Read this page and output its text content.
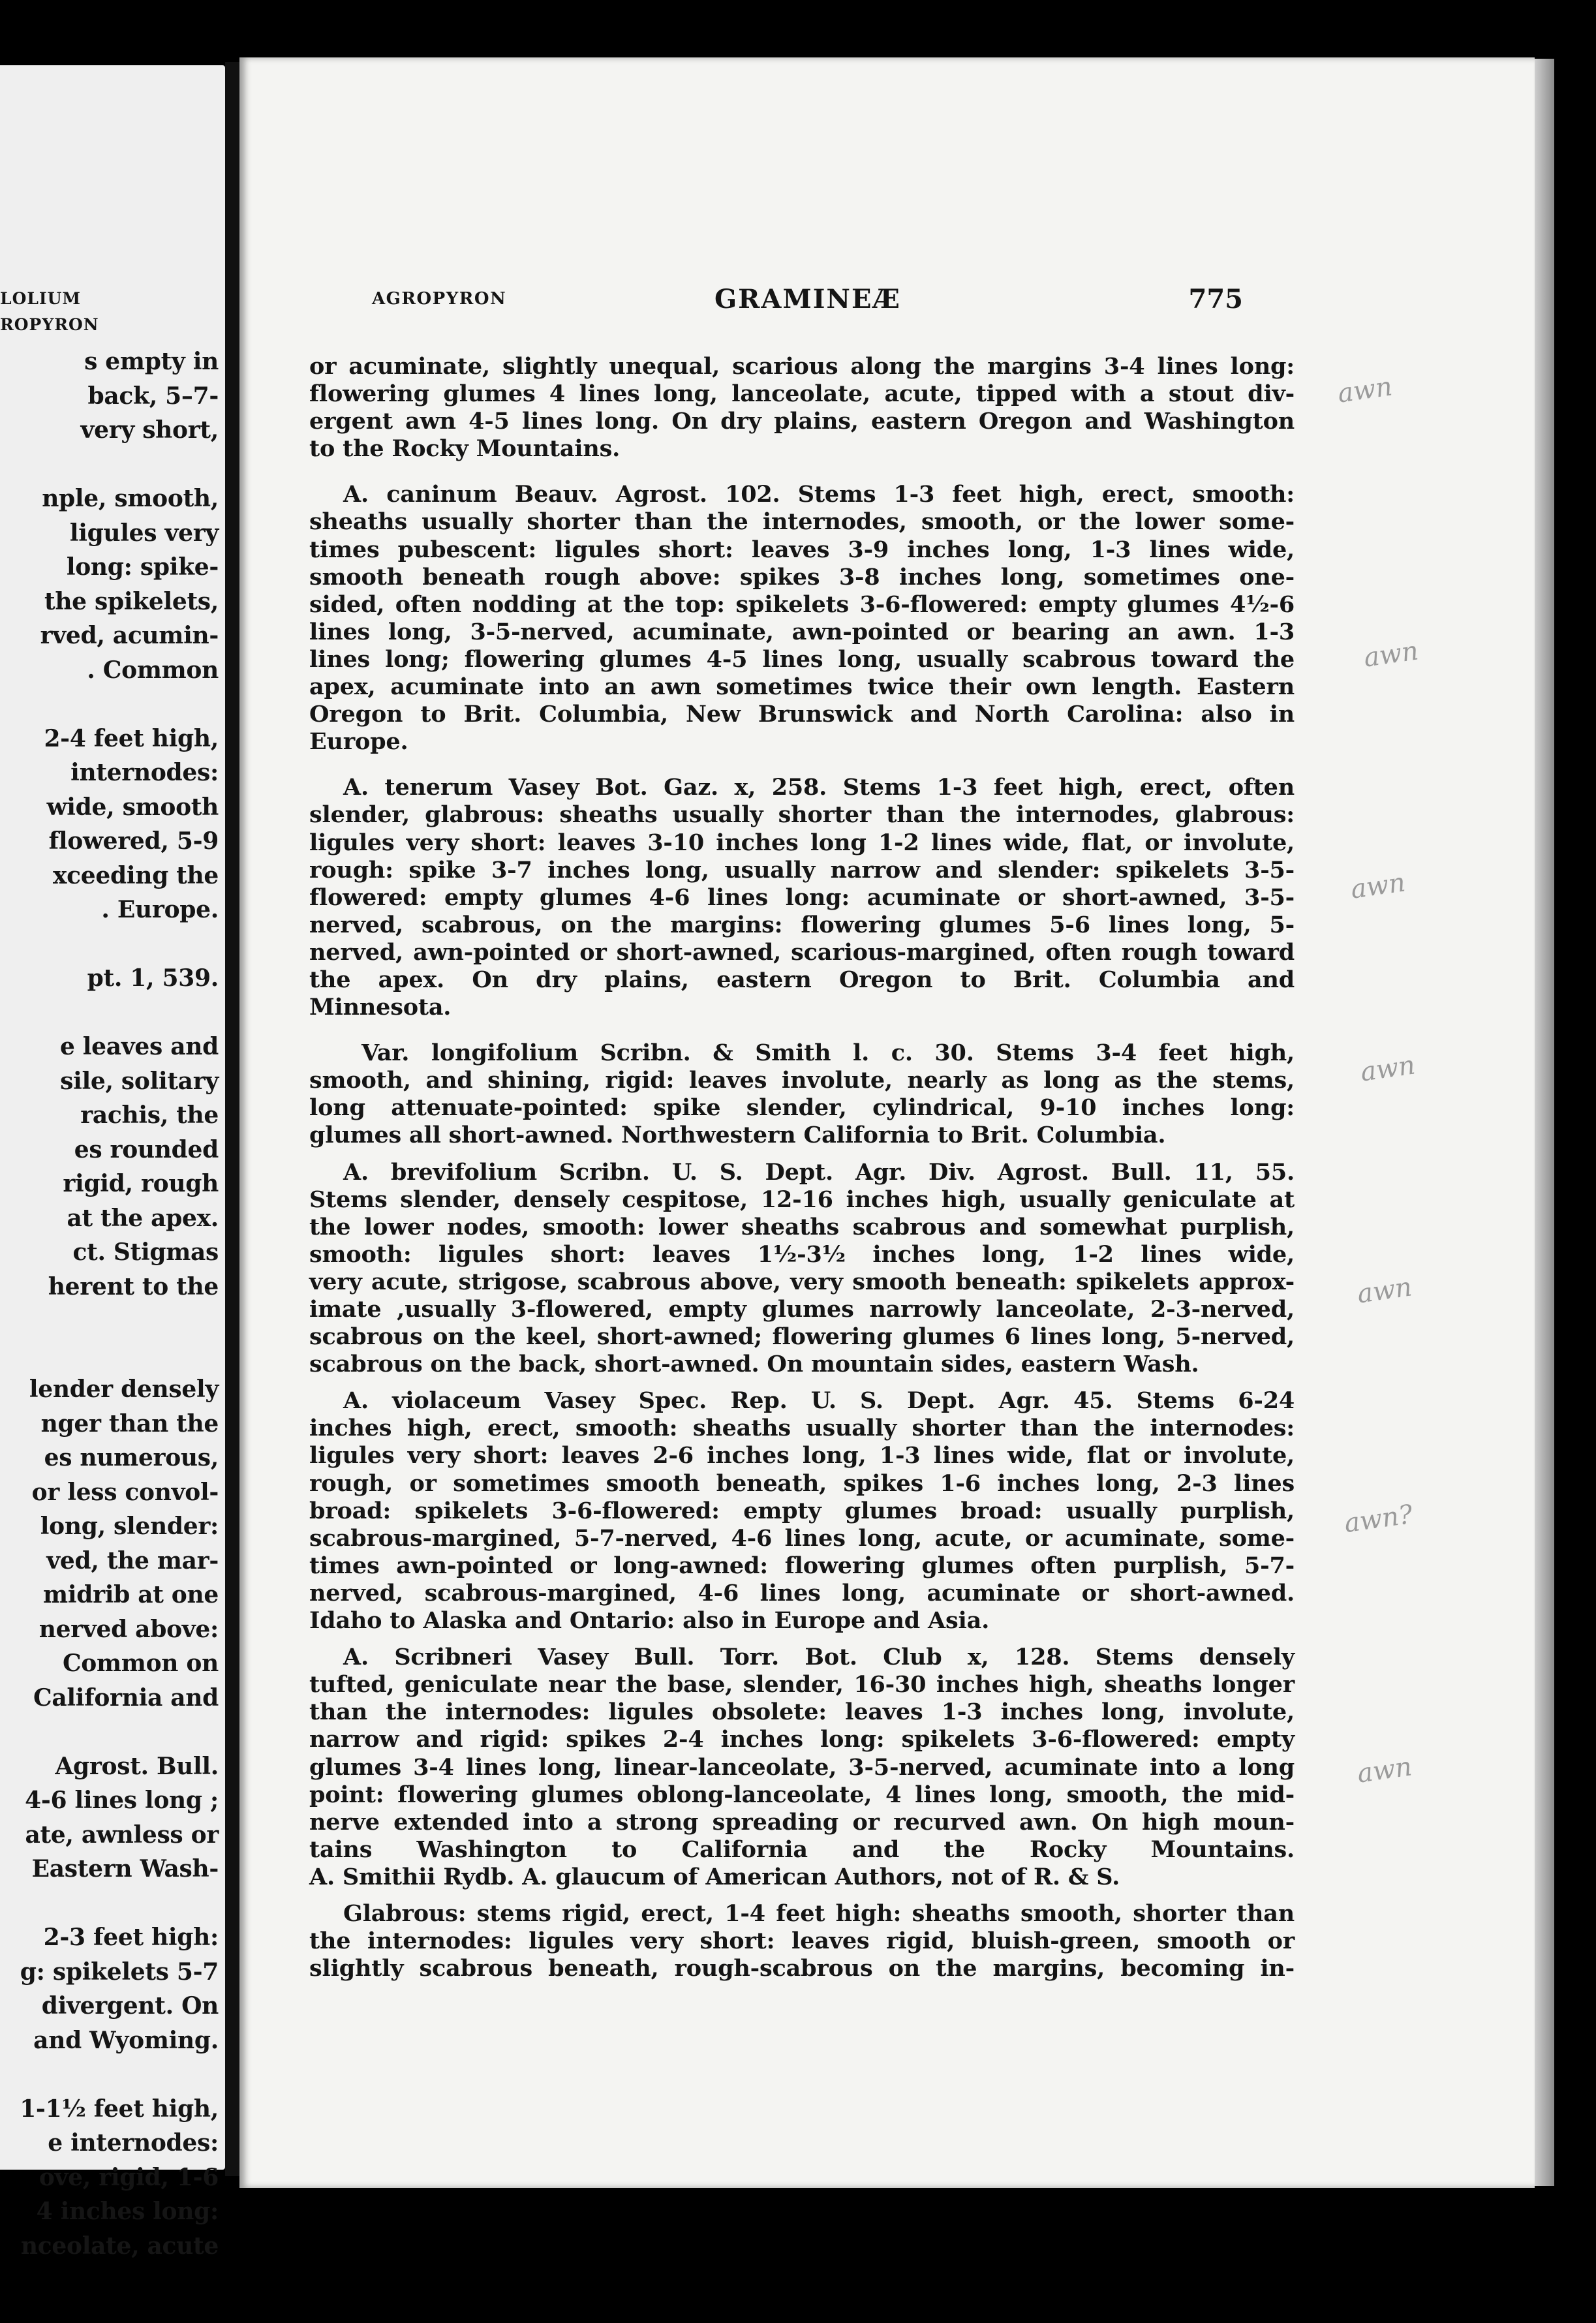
LOLIUM
ROPYRON
s empty in
back, 5–7-
very short,

nple, smooth,
ligules very
long: spike-
the spikelets,
rved, acumin-
. Common

2-4 feet high,
internodes:
wide, smooth
flowered, 5-9
xceeding the
. Europe.

pt. 1, 539.

e leaves and
sile, solitary
rachis, the
es rounded
rigid, rough
at the apex.
ct. Stigmas
herent to the

lender densely
nger than the
es numerous,
or less convol-
long, slender:
ved, the mar-
midrib at one
nerved above:
Common on
California and

Agrost. Bull.
4-6 lines long ;
ate, awnless or
Eastern Wash-

2-3 feet high:
g: spikelets 5-7
divergent. On
and Wyoming.

1-1½ feet high,
e internodes:
ove, rigid, 1-6
4 inches long:
nceolate, acute
AGROPYRON	GRAMINEÆ	775
or acuminate, slightly unequal, scarious along the margins 3-4 lines long:
flowering glumes 4 lines long, lanceolate, acute, tipped with a stout div-
ergent awn 4-5 lines long. On dry plains, eastern Oregon and Washington
to the Rocky Mountains.
A. caninum Beauv. Agrost. 102. Stems 1-3 feet high, erect, smooth:
sheaths usually shorter than the internodes, smooth, or the lower some-
times pubescent: ligules short: leaves 3-9 inches long, 1-3 lines wide,
smooth beneath rough above: spikes 3-8 inches long, sometimes one-
sided, often nodding at the top: spikelets 3-6-flowered: empty glumes 4½-6
lines long, 3-5-nerved, acuminate, awn-pointed or bearing an awn. 1-3
lines long; flowering glumes 4-5 lines long, usually scabrous toward the
apex, acuminate into an awn sometimes twice their own length. Eastern
Oregon to Brit. Columbia, New Brunswick and North Carolina: also in
Europe.
A. tenerum Vasey Bot. Gaz. x, 258. Stems 1-3 feet high, erect, often
slender, glabrous: sheaths usually shorter than the internodes, glabrous:
ligules very short: leaves 3-10 inches long 1-2 lines wide, flat, or involute,
rough: spike 3-7 inches long, usually narrow and slender: spikelets 3-5-
flowered: empty glumes 4-6 lines long: acuminate or short-awned, 3-5-
nerved, scabrous, on the margins: flowering glumes 5-6 lines long, 5-
nerved, awn-pointed or short-awned, scarious-margined, often rough toward
the apex. On dry plains, eastern Oregon to Brit. Columbia and
Minnesota.
Var. longifolium Scribn. & Smith l. c. 30. Stems 3-4 feet high,
smooth, and shining, rigid: leaves involute, nearly as long as the stems,
long attenuate-pointed: spike slender, cylindrical, 9-10 inches long:
glumes all short-awned. Northwestern California to Brit. Columbia.
A. brevifolium Scribn. U. S. Dept. Agr. Div. Agrost. Bull. 11, 55.
Stems slender, densely cespitose, 12-16 inches high, usually geniculate at
the lower nodes, smooth: lower sheaths scabrous and somewhat purplish,
smooth: ligules short: leaves 1½-3½ inches long, 1-2 lines wide,
very acute, strigose, scabrous above, very smooth beneath: spikelets approx-
imate ,usually 3-flowered, empty glumes narrowly lanceolate, 2-3-nerved,
scabrous on the keel, short-awned; flowering glumes 6 lines long, 5-nerved,
scabrous on the back, short-awned. On mountain sides, eastern Wash.
A. violaceum Vasey Spec. Rep. U. S. Dept. Agr. 45. Stems 6-24
inches high, erect, smooth: sheaths usually shorter than the internodes:
ligules very short: leaves 2-6 inches long, 1-3 lines wide, flat or involute,
rough, or sometimes smooth beneath, spikes 1-6 inches long, 2-3 lines
broad: spikelets 3-6-flowered: empty glumes broad: usually purplish,
scabrous-margined, 5-7-nerved, 4-6 lines long, acute, or acuminate, some-
times awn-pointed or long-awned: flowering glumes often purplish, 5-7-
nerved, scabrous-margined, 4-6 lines long, acuminate or short-awned.
Idaho to Alaska and Ontario: also in Europe and Asia.
A. Scribneri Vasey Bull. Torr. Bot. Club x, 128. Stems densely
tufted, geniculate near the base, slender, 16-30 inches high, sheaths longer
than the internodes: ligules obsolete: leaves 1-3 inches long, involute,
narrow and rigid: spikes 2-4 inches long: spikelets 3-6-flowered: empty
glumes 3-4 lines long, linear-lanceolate, 3-5-nerved, acuminate into a long
point: flowering glumes oblong-lanceolate, 4 lines long, smooth, the mid-
nerve extended into a strong spreading or recurved awn. On high moun-
tains Washington to California and the Rocky Mountains.
A. Smithii Rydb. A. glaucum of American Authors, not of R. & S.
Glabrous: stems rigid, erect, 1-4 feet high: sheaths smooth, shorter than
the internodes: ligules very short: leaves rigid, bluish-green, smooth or
slightly scabrous beneath, rough-scabrous on the margins, becoming in-
awn
awn
awn
awn
awn
awn?
awn
